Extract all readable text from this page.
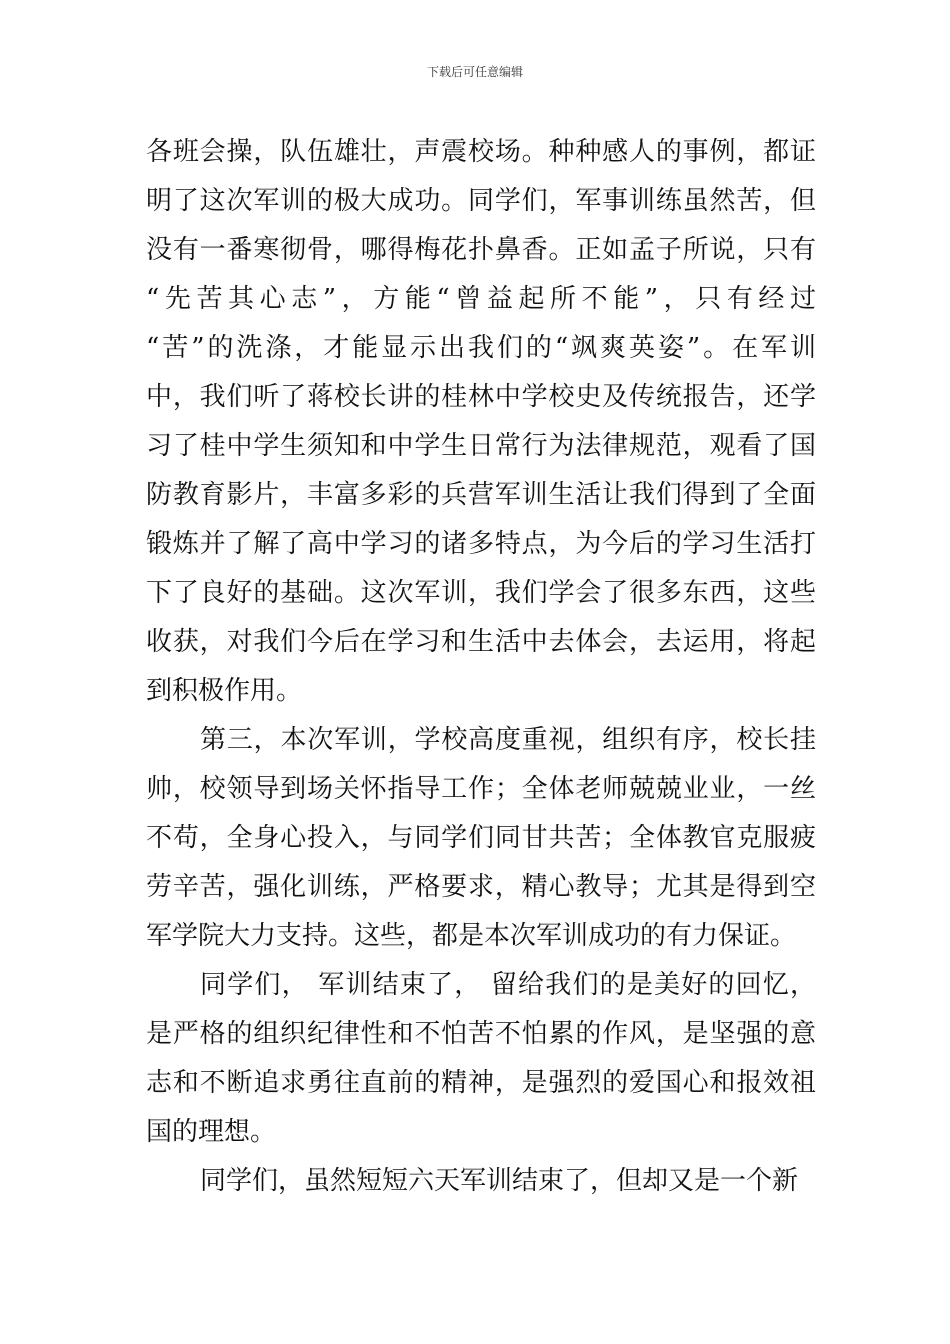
下载后可任意编辑
各班会操，队伍雄壮，声震校场。种种感人的事例，都证
明了这次军训的极大成功。同学们，军事训练虽然苦，但
没有一番寒彻骨，哪得梅花扑鼻香。正如孟子所说，只有
“先苦其心志”，方能“曾益起所不能”，只有经过
“苦”的洗涤，才能显示出我们的“飒爽英姿”。在军训
中，我们听了蒋校长讲的桂林中学校史及传统报告，还学
习了桂中学生须知和中学生日常行为法律规范，观看了国
防教育影片，丰富多彩的兵营军训生活让我们得到了全面
锻炼并了解了高中学习的诸多特点，为今后的学习生活打
下了良好的基础。这次军训，我们学会了很多东西，这些
收获，对我们今后在学习和生活中去体会，去运用，将起
到积极作用。
第三，本次军训，学校高度重视，组织有序，校长挂
帅，校领导到场关怀指导工作；全体老师兢兢业业，一丝
不苟，全身心投入，与同学们同甘共苦；全体教官克服疲
劳辛苦，强化训练，严格要求，精心教导；尤其是得到空
军学院大力支持。这些，都是本次军训成功的有力保证。
同学们， 军训结束了， 留给我们的是美好的回忆，
是严格的组织纪律性和不怕苦不怕累的作风，是坚强的意
志和不断追求勇往直前的精神，是强烈的爱国心和报效祖
国的理想。
同学们，虽然短短六天军训结束了，但却又是一个新
